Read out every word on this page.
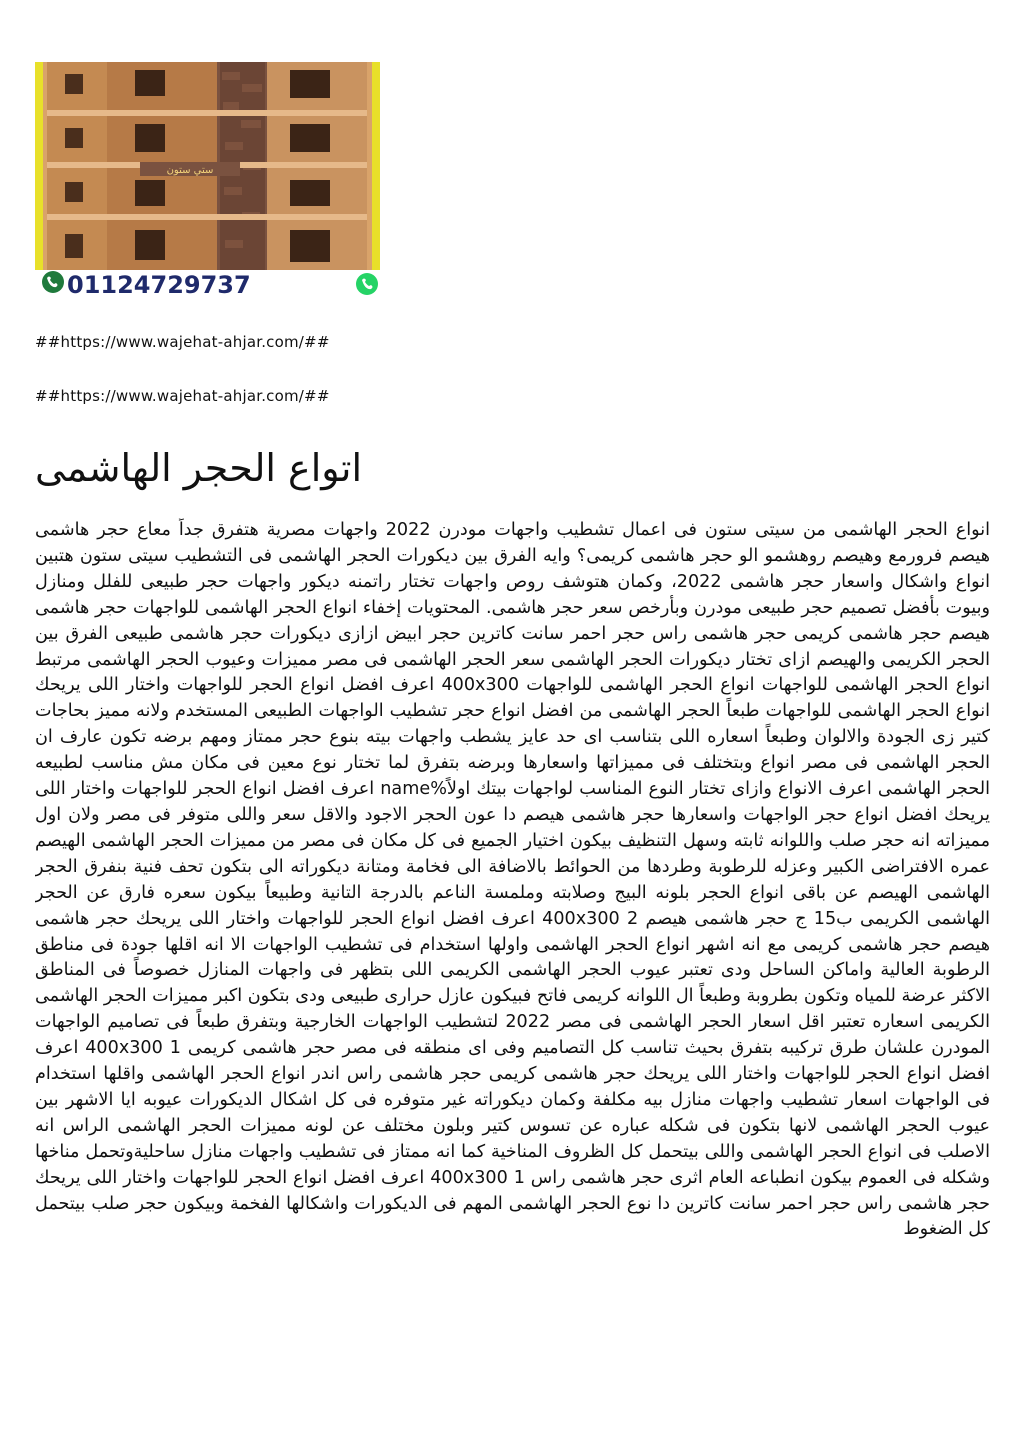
ستي ستون
01124729737
##https://www.wajehat-ahjar.com/##
##https://www.wajehat-ahjar.com/##
اتواع الحجر الهاشمى

انواع الحجر الهاشمى من سيتى ستون فى اعمال تشطيب واجهات مودرن 2022 واجهات مصرية هتفرق جداً معاع حجر هاشمى هيصم فرورمع وهيصم روهشمو الو حجر هاشمى كريمى؟ وايه الفرق بين ديكورات الحجر الهاشمى فى التشطيب سيتى ستون هتبين انواع واشكال واسعار حجر هاشمى 2022، وكمان هتوشف روص واجهات تختار راتمنه ديكور واجهات حجر طبيعى للفلل ومنازل وبيوت بأفضل تصميم حجر طبيعى مودرن وبأرخص سعر حجر هاشمى. المحتويات إخفاء انواع الحجر الهاشمى للواجهات حجر هاشمى هيصم حجر هاشمى كريمى حجر هاشمى راس حجر احمر سانت كاترين حجر ابيض ازازى ديكورات حجر هاشمى طبيعى الفرق بين الحجر الكريمى والهيصم ازاى تختار ديكورات الحجر الهاشمى سعر الحجر الهاشمى فى مصر مميزات وعيوب الحجر الهاشمى مرتبط انواع الحجر الهاشمى للواجهات انواع الحجر الهاشمى للواجهات 400x300 اعرف افضل انواع الحجر للواجهات واختار اللى يريحك انواع الحجر الهاشمى للواجهات طبعاً الحجر الهاشمى من افضل انواع حجر تشطيب الواجهات الطبيعى المستخدم ولانه مميز بحاجات كتير زى الجودة والالوان وطبعاً اسعاره اللى بتناسب اى حد عايز يشطب واجهات بيته بنوع حجر ممتاز ومهم برضه تكون عارف ان الحجر الهاشمى فى مصر انواع وبتختلف فى مميزاتها واسعارها وبرضه بتفرق لما تختار نوع معين فى مكان مش مناسب لطبيعه الحجر الهاشمى اعرف الانواع وازاى تختار النوع المناسب لواجهات بيتك اولاً%name اعرف افضل انواع الحجر للواجهات واختار اللى يريحك افضل انواع حجر الواجهات واسعارها حجر هاشمى هيصم دا عون الحجر الاجود والاقل سعر واللى متوفر فى مصر ولان اول مميزاته انه حجر صلب واللوانه ثابته وسهل التنظيف بيكون اختيار الجميع فى كل مكان فى مصر من مميزات الحجر الهاشمى الهيصم عمره الافتراضى الكبير وعزله للرطوبة وطردها من الحوائط بالاضافة الى فخامة ومتانة ديكوراته الى بتكون تحف فنية بنفرق الحجر الهاشمى الهيصم عن باقى انواع الحجر بلونه البيج وصلابته وملمسة الناعم بالدرجة التانية وطبيعاً بيكون سعره فارق عن الحجر الهاشمى الكريمى ب15 ج حجر هاشمى هيصم 2 400x300 اعرف افضل انواع الحجر للواجهات واختار اللى يريحك حجر هاشمى هيصم حجر هاشمى كريمى مع انه اشهر انواع الحجر الهاشمى واولها استخدام فى تشطيب الواجهات الا انه اقلها جودة فى مناطق الرطوبة العالية واماكن الساحل ودى تعتبر عيوب الحجر الهاشمى الكريمى اللى بتظهر فى واجهات المنازل خصوصاً فى المناطق الاكثر عرضة للمياه وتكون بطروبة وطبعاً ال اللوانه كريمى فاتح فبيكون عازل حرارى طبيعى ودى بتكون اكبر مميزات الحجر الهاشمى الكريمى اسعاره تعتبر اقل اسعار الحجر الهاشمى فى مصر 2022 لتشطيب الواجهات الخارجية وبتفرق طبعاً فى تصاميم الواجهات المودرن علشان طرق تركيبه بتفرق بحيث تناسب كل التصاميم وفى اى منطقه فى مصر حجر هاشمى كريمى 1 400x300 اعرف افضل انواع الحجر للواجهات واختار اللى يريحك حجر هاشمى كريمى حجر هاشمى راس اندر انواع الحجر الهاشمى واقلها استخدام فى الواجهات اسعار تشطيب واجهات منازل بيه مكلفة وكمان ديكوراته غير متوفره فى كل اشكال الديكورات عيوبه ايا الاشهر بين عيوب الحجر الهاشمى لانها بتكون فى شكله عباره عن تسوس كتير وبلون مختلف عن لونه مميزات الحجر الهاشمى الراس انه الاصلب فى انواع الحجر الهاشمى واللى بيتحمل كل الظروف المناخية كما انه ممتاز فى تشطيب واجهات منازل ساحليةوتحمل مناخها وشكله فى العموم بيكون انطباعه العام اثرى حجر هاشمى راس 1 400x300 اعرف افضل انواع الحجر للواجهات واختار اللى يريحك حجر هاشمى راس حجر احمر سانت كاترين دا نوع الحجر الهاشمى المهم فى الديكورات واشكالها الفخمة وبيكون حجر صلب بيتحمل كل الضغوط
